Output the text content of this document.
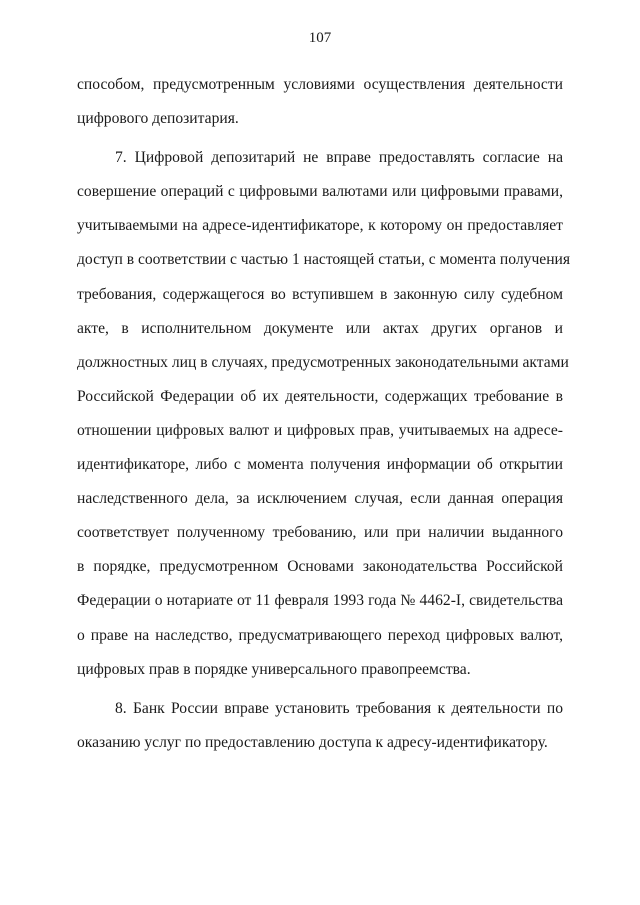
107
способом, предусмотренным условиями осуществления деятельности
цифрового депозитария.
7. Цифровой депозитарий не вправе предоставлять согласие на
совершение операций с цифровыми валютами или цифровыми правами,
учитываемыми на адресе-идентификаторе, к которому он предоставляет
доступ в соответствии с частью 1 настоящей статьи, с момента получения
требования, содержащегося во вступившем в законную силу судебном
акте, в исполнительном документе или актах других органов и
должностных лиц в случаях, предусмотренных законодательными актами
Российской Федерации об их деятельности, содержащих требование в
отношении цифровых валют и цифровых прав, учитываемых на адресе-
идентификаторе, либо с момента получения информации об открытии
наследственного дела, за исключением случая, если данная операция
соответствует полученному требованию, или при наличии выданного
в порядке, предусмотренном Основами законодательства Российской
Федерации о нотариате от 11 февраля 1993 года № 4462-I, свидетельства
о праве на наследство, предусматривающего переход цифровых валют,
цифровых прав в порядке универсального правопреемства.
8. Банк России вправе установить требования к деятельности по
оказанию услуг по предоставлению доступа к адресу-идентификатору.
